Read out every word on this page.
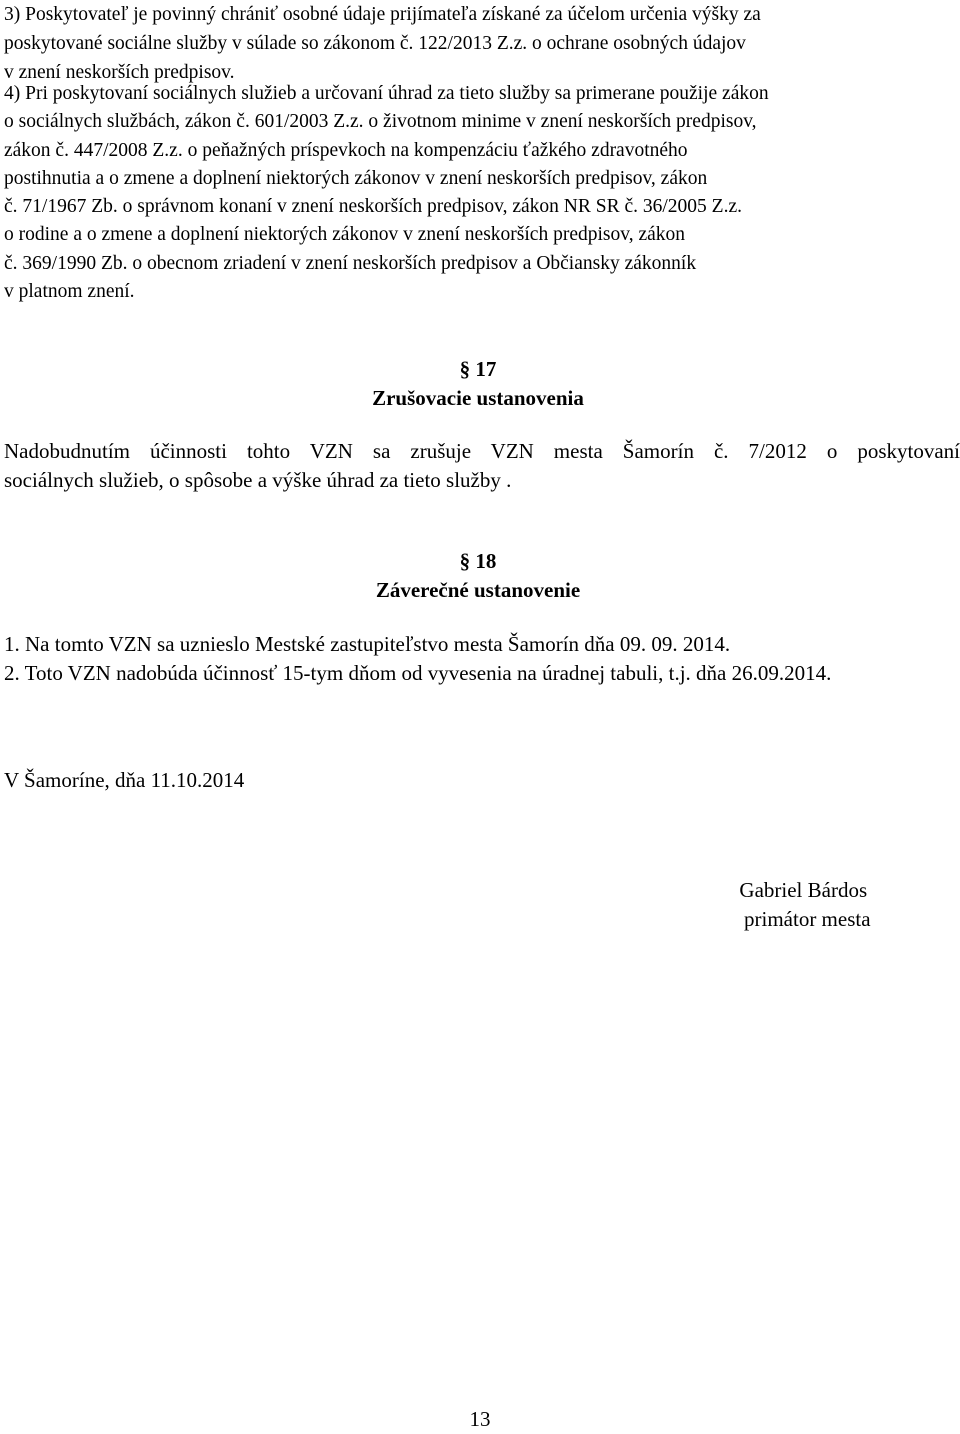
3) Poskytovateľ je povinný chrániť osobné údaje prijímateľa získané za účelom určenia výšky za
poskytované sociálne služby v súlade so zákonom č. 122/2013 Z.z. o ochrane osobných údajov
v znení neskorších predpisov.
4) Pri poskytovaní sociálnych služieb a určovaní úhrad za tieto služby sa primerane použije zákon
o sociálnych službách, zákon č. 601/2003 Z.z. o životnom minime v znení neskorších predpisov,
zákon č. 447/2008 Z.z. o peňažných príspevkoch na kompenzáciu ťažkého zdravotného
postihnutia a o zmene a doplnení niektorých zákonov v znení neskorších predpisov, zákon
č. 71/1967 Zb. o správnom konaní v znení neskorších predpisov, zákon NR SR č. 36/2005 Z.z.
o rodine a o zmene a doplnení niektorých zákonov v znení neskorších predpisov, zákon
č. 369/1990 Zb. o obecnom zriadení v znení neskorších predpisov a Občiansky zákonník
v platnom znení.
§ 17
Zrušovacie ustanovenia
Nadobudnutím účinnosti tohto VZN sa zrušuje VZN mesta Šamorín č. 7/2012 o poskytovaní
sociálnych služieb, o spôsobe a výške úhrad za tieto služby .
§ 18
Záverečné ustanovenie
1. Na tomto VZN sa uznieslo Mestské zastupiteľstvo mesta Šamorín dňa 09. 09. 2014.
2. Toto VZN nadobúda účinnosť 15-tym dňom od vyvesenia na úradnej tabuli, t.j. dňa 26.09.2014.

V Šamoríne, dňa 11.10.2014

Gabriel Bárdos
primátor mesta

13
